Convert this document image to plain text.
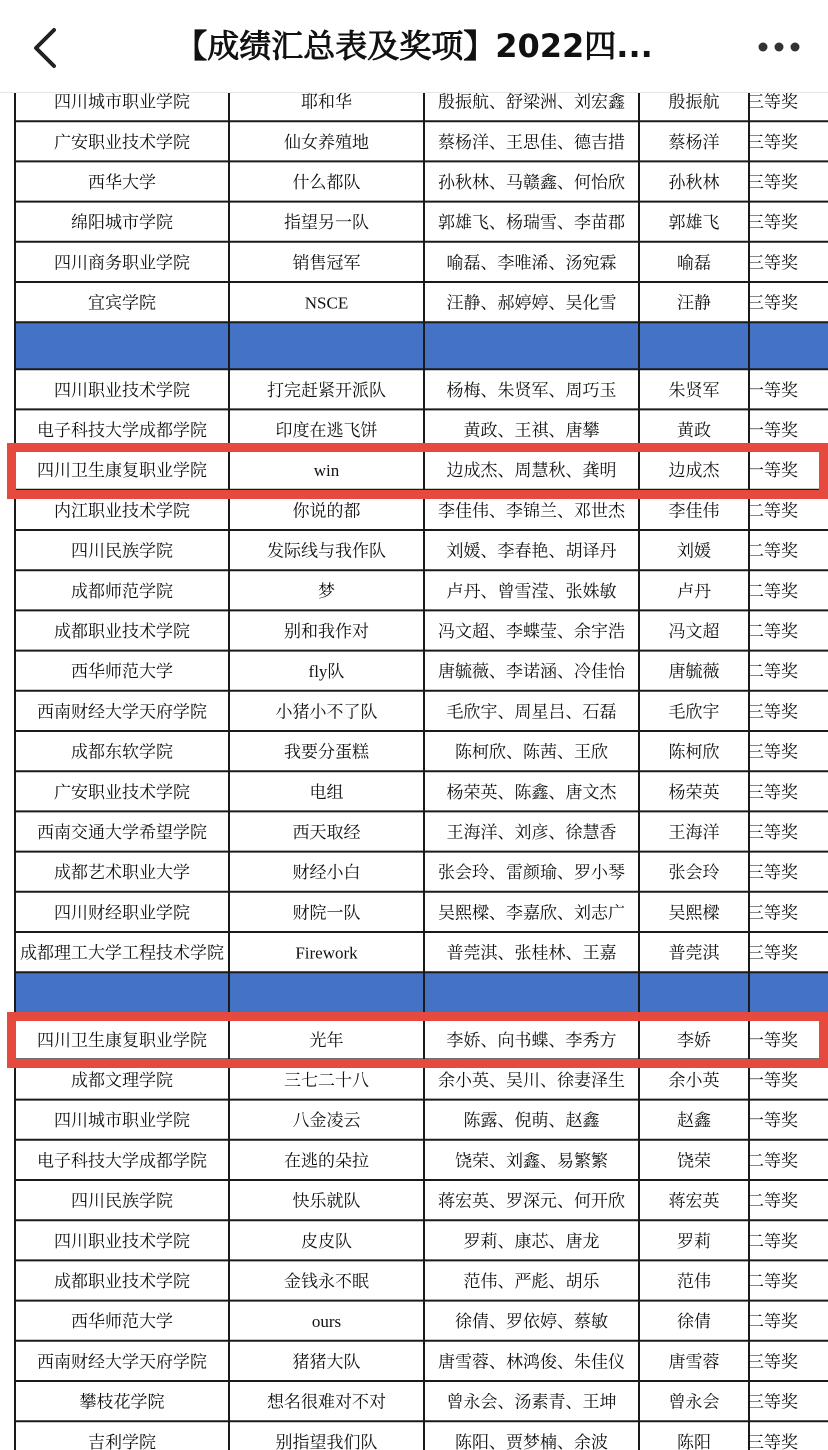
【成绩汇总表及奖项】2022四...
四川城市职业学院	耶和华	殷振航、舒梁洲、刘宏鑫	殷振航 三等奖
广安职业技术学院	仙女养殖地	蔡杨洋、王思佳、德吉措	蔡杨洋 三等奖
西华大学	什么都队	孙秋林、马赣鑫、何怡欣	孙秋林 三等奖
绵阳城市学院	指望另一队	郭雄飞、杨瑞雪、李苗郡	郭雄飞 三等奖
四川商务职业学院	销售冠军	喻磊、李唯浠、汤宛霖	喻磊 三等奖
宜宾学院	NSCE	汪静、郝婷婷、吴化雪	汪静 三等奖
四川职业技术学院	打完赶紧开派队	杨梅、朱贤军、周巧玉	朱贤军 一等奖
电子科技大学成都学院	印度在逃飞饼	黄政、王祺、唐攀	黄政 一等奖
四川卫生康复职业学院	win	边成杰、周慧秋、龚明	边成杰 一等奖
内江职业技术学院	你说的都	李佳伟、李锦兰、邓世杰	李佳伟 二等奖
四川民族学院	发际线与我作队	刘媛、李春艳、胡译丹	刘媛 二等奖
成都师范学院	梦	卢丹、曾雪滢、张姝敏	卢丹 二等奖
成都职业技术学院	别和我作对	冯文超、李蝶莹、余宇浩	冯文超 二等奖
西华师范大学	fly队	唐毓薇、李诺涵、冷佳怡	唐毓薇 二等奖
西南财经大学天府学院	小猪小不了队	毛欣宇、周星吕、石磊	毛欣宇 三等奖
成都东软学院	我要分蛋糕	陈柯欣、陈茜、王欣	陈柯欣 三等奖
广安职业技术学院	电组	杨荣英、陈鑫、唐文杰	杨荣英 三等奖
西南交通大学希望学院	西天取经	王海洋、刘彦、徐慧香	王海洋 三等奖
成都艺术职业大学	财经小白	张会玲、雷颜瑜、罗小琴	张会玲 三等奖
四川财经职业学院	财院一队	吴熙樑、李嘉欣、刘志广	吴熙樑 三等奖
成都理工大学工程技术学院	Firework	普莞淇、张桂林、王嘉	普莞淇 三等奖
四川卫生康复职业学院	光年	李娇、向书蝶、李秀方	李娇 一等奖
成都文理学院	三七二十八	余小英、吴川、徐妻泽生	余小英 一等奖
四川城市职业学院	八金凌云	陈露、倪萌、赵鑫	赵鑫 一等奖
电子科技大学成都学院	在逃的朵拉	饶荣、刘鑫、易繁繁	饶荣 二等奖
四川民族学院	快乐就队	蒋宏英、罗深元、何开欣	蒋宏英 二等奖
四川职业技术学院	皮皮队	罗莉、康芯、唐龙	罗莉 二等奖
成都职业技术学院	金钱永不眠	范伟、严彪、胡乐	范伟 二等奖
西华师范大学	ours	徐倩、罗依婷、蔡敏	徐倩 二等奖
西南财经大学天府学院	猪猪大队	唐雪蓉、林鸿俊、朱佳仪	唐雪蓉 三等奖
攀枝花学院	想名很难对不对	曾永会、汤素青、王坤	曾永会 三等奖
吉利学院	别指望我们队	陈阳、贾梦楠、余波	陈阳 三等奖
